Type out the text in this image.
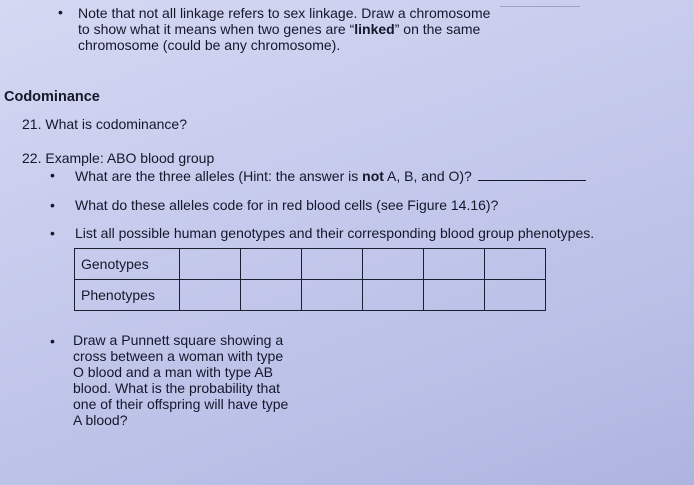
• Note that not all linkage refers to sex linkage. Draw a chromosome
to show what it means when two genes are “linked” on the same
chromosome (could be any chromosome).
Codominance
21. What is codominance?
22. Example: ABO blood group
• What are the three alleles (Hint: the answer is not A, B, and O)?
• What do these alleles code for in red blood cells (see Figure 14.16)?
• List all possible human genotypes and their corresponding blood group phenotypes.
Genotypes						
Phenotypes						
• Draw a Punnett square showing a
cross between a woman with type
O blood and a man with type AB
blood. What is the probability that
one of their offspring will have type
A blood?
